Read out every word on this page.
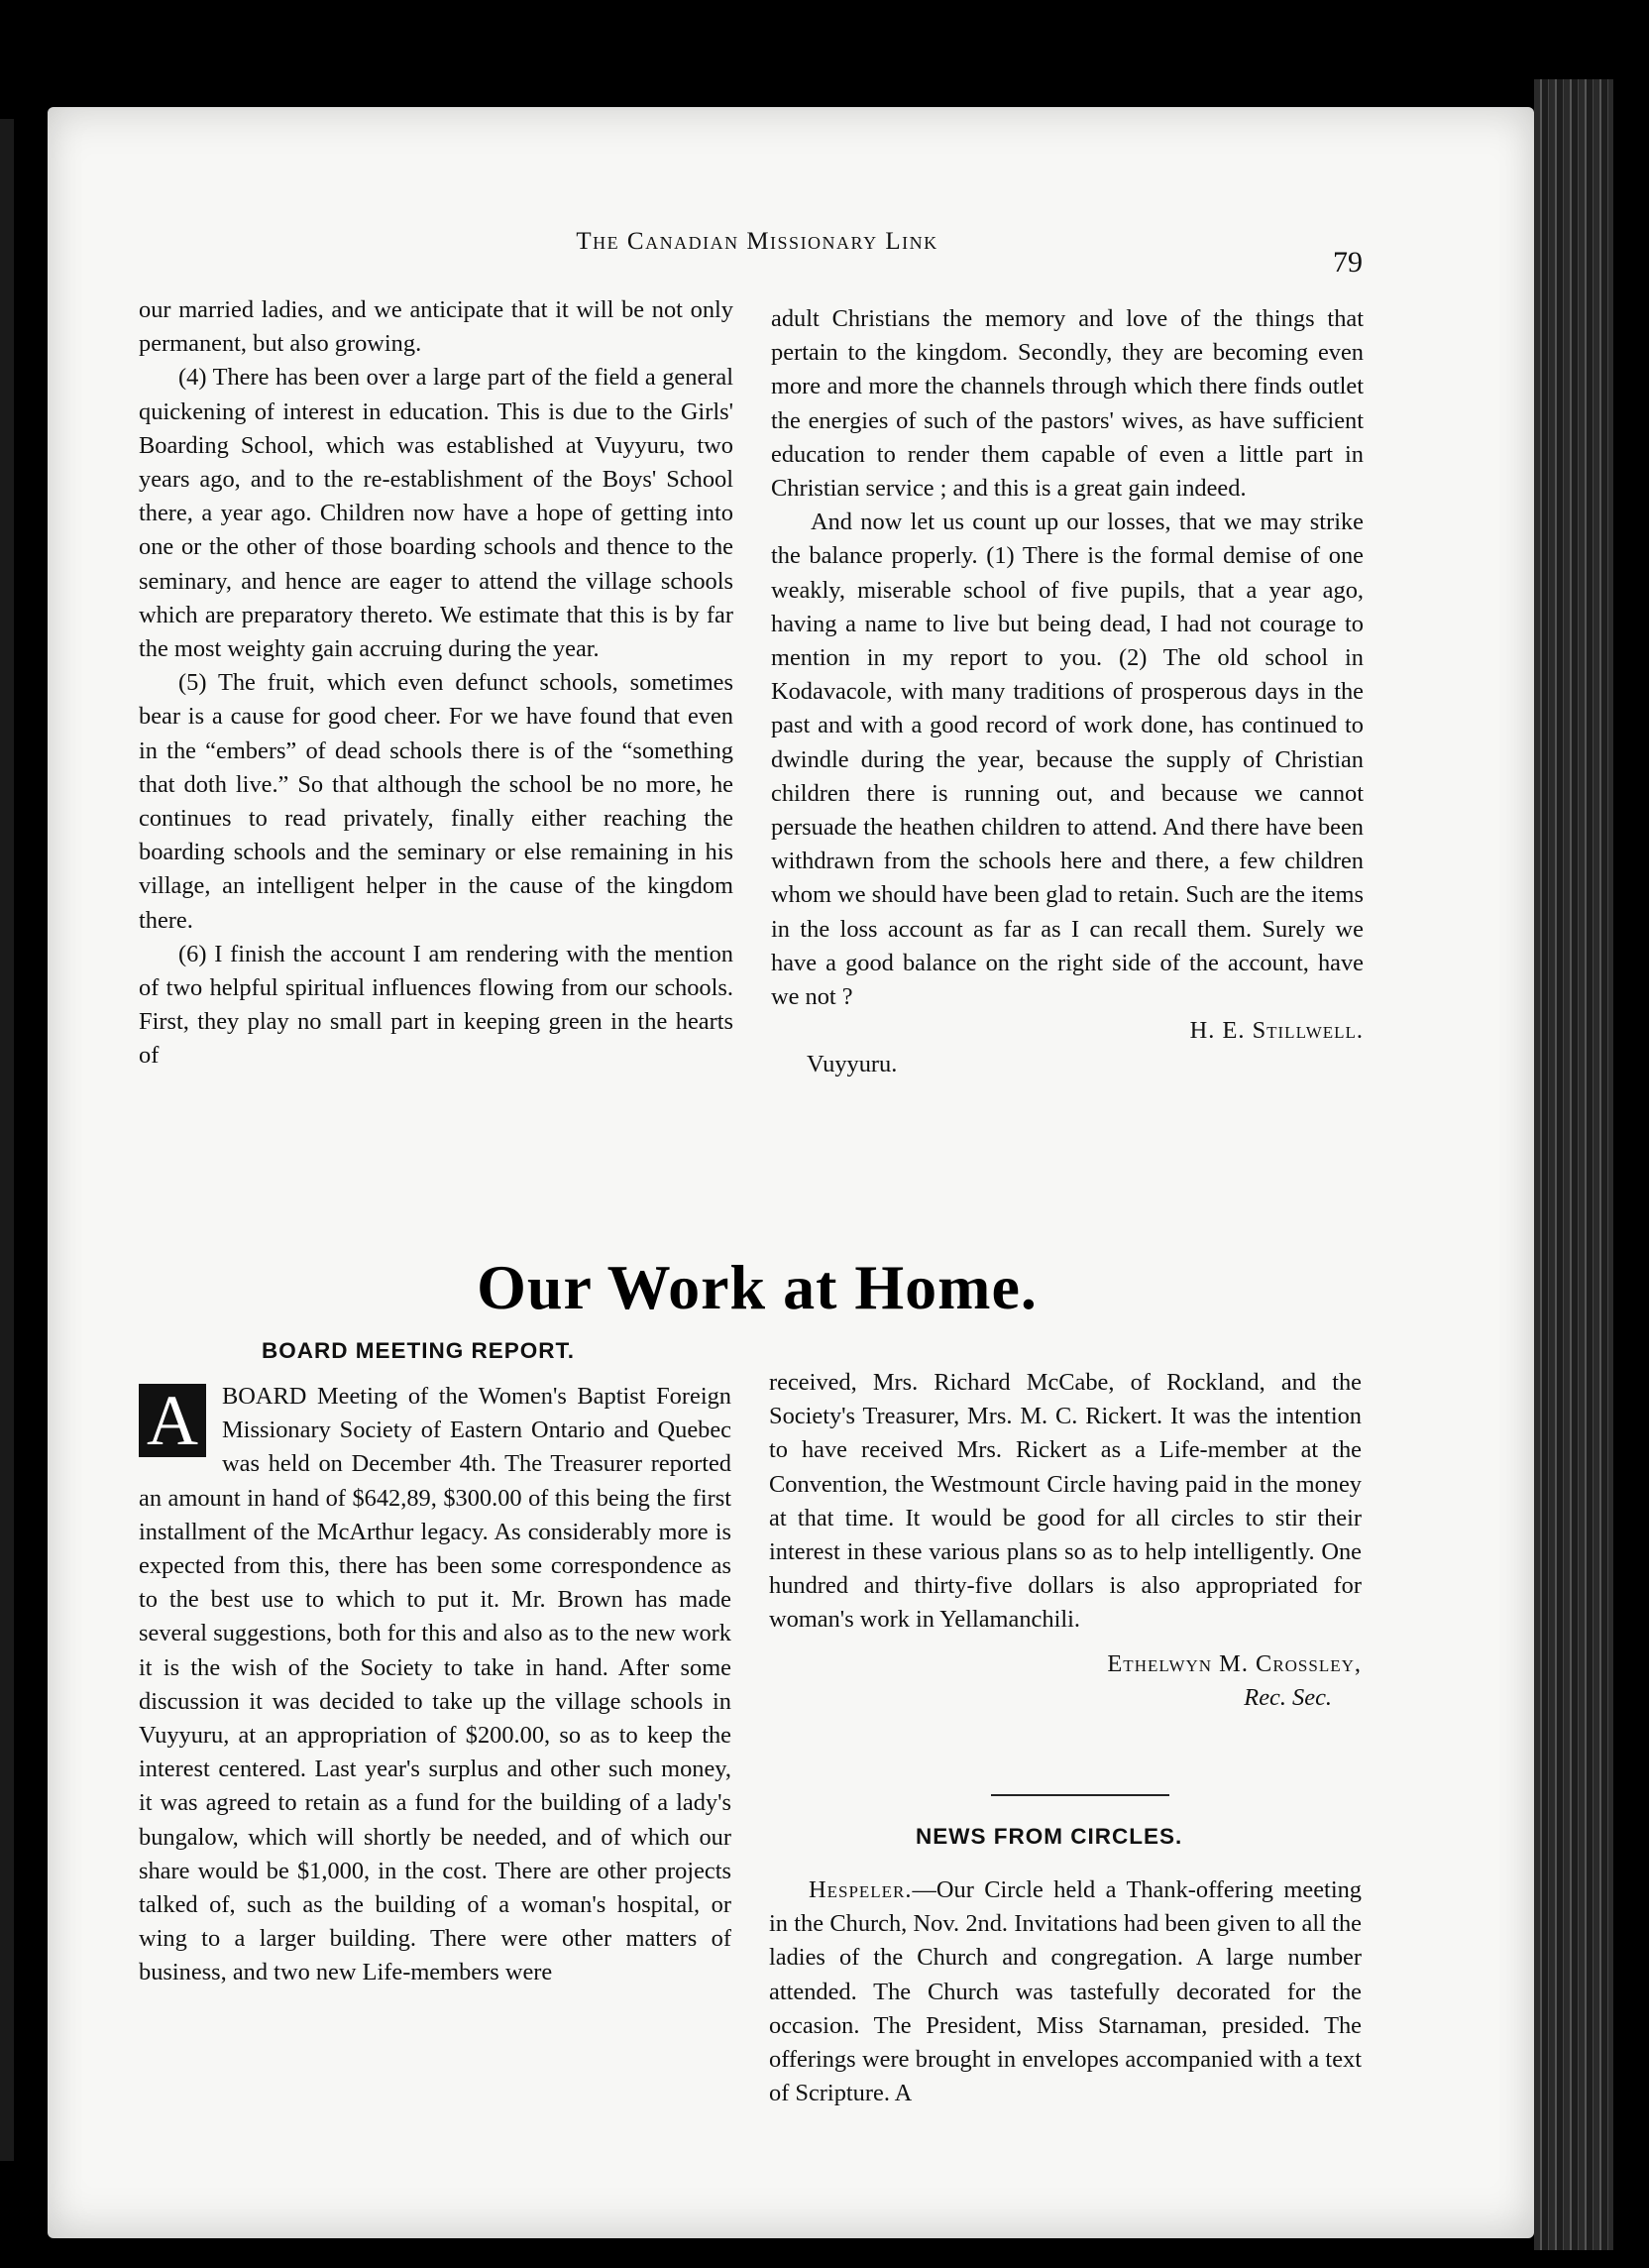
The Canadian Missionary Link
79

our married ladies, and we anticipate that it will be not only permanent, but also growing.

(4) There has been over a large part of the field a general quickening of interest in education. This is due to the Girls' Boarding School, which was established at Vuyyuru, two years ago, and to the re-establishment of the Boys' School there, a year ago. Children now have a hope of getting into one or the other of those boarding schools and thence to the seminary, and hence are eager to attend the village schools which are preparatory thereto. We estimate that this is by far the most weighty gain accruing during the year.

(5) The fruit, which even defunct schools, sometimes bear is a cause for good cheer. For we have found that even in the “embers” of dead schools there is of the “something that doth live.” So that although the school be no more, he continues to read privately, finally either reaching the boarding schools and the seminary or else remaining in his village, an intelligent helper in the cause of the kingdom there.

(6) I finish the account I am rendering with the mention of two helpful spiritual influences flowing from our schools. First, they play no small part in keeping green in the hearts of

adult Christians the memory and love of the things that pertain to the kingdom. Secondly, they are becoming even more and more the channels through which there finds outlet the energies of such of the pastors' wives, as have sufficient education to render them capable of even a little part in Christian service ; and this is a great gain indeed.

And now let us count up our losses, that we may strike the balance properly. (1) There is the formal demise of one weakly, miserable school of five pupils, that a year ago, having a name to live but being dead, I had not courage to mention in my report to you. (2) The old school in Kodavacole, with many traditions of prosperous days in the past and with a good record of work done, has continued to dwindle during the year, because the supply of Christian children there is running out, and because we cannot persuade the heathen children to attend. And there have been withdrawn from the schools here and there, a few children whom we should have been glad to retain. Such are the items in the loss account as far as I can recall them. Surely we have a good balance on the right side of the account, have we not ?

H. E. Stillwell.

Vuyyuru.

Our Work at Home.
BOARD MEETING REPORT.
A BOARD Meeting of the Women's Baptist Foreign Missionary Society of Eastern Ontario and Quebec was held on December 4th. The Treasurer reported an amount in hand of $642,89, $300.00 of this being the first installment of the McArthur legacy. As considerably more is expected from this, there has been some correspondence as to the best use to which to put it. Mr. Brown has made several suggestions, both for this and also as to the new work it is the wish of the Society to take in hand. After some discussion it was decided to take up the village schools in Vuyyuru, at an appropriation of $200.00, so as to keep the interest centered. Last year's surplus and other such money, it was agreed to retain as a fund for the building of a lady's bungalow, which will shortly be needed, and of which our share would be $1,000, in the cost. There are other projects talked of, such as the building of a woman's hospital, or wing to a larger building. There were other matters of business, and two new Life-members were

received, Mrs. Richard McCabe, of Rockland, and the Society's Treasurer, Mrs. M. C. Rickert. It was the intention to have received Mrs. Rickert as a Life-member at the Convention, the Westmount Circle having paid in the money at that time. It would be good for all circles to stir their interest in these various plans so as to help intelligently. One hundred and thirty-five dollars is also appropriated for woman's work in Yellamanchili.

Ethelwyn M. Crossley,

Rec. Sec.

NEWS FROM CIRCLES.

Hespeler.—Our Circle held a Thank-offering meeting in the Church, Nov. 2nd. Invitations had been given to all the ladies of the Church and congregation. A large number attended. The Church was tastefully decorated for the occasion. The President, Miss Starnaman, presided. The offerings were brought in envelopes accompanied with a text of Scripture. A
